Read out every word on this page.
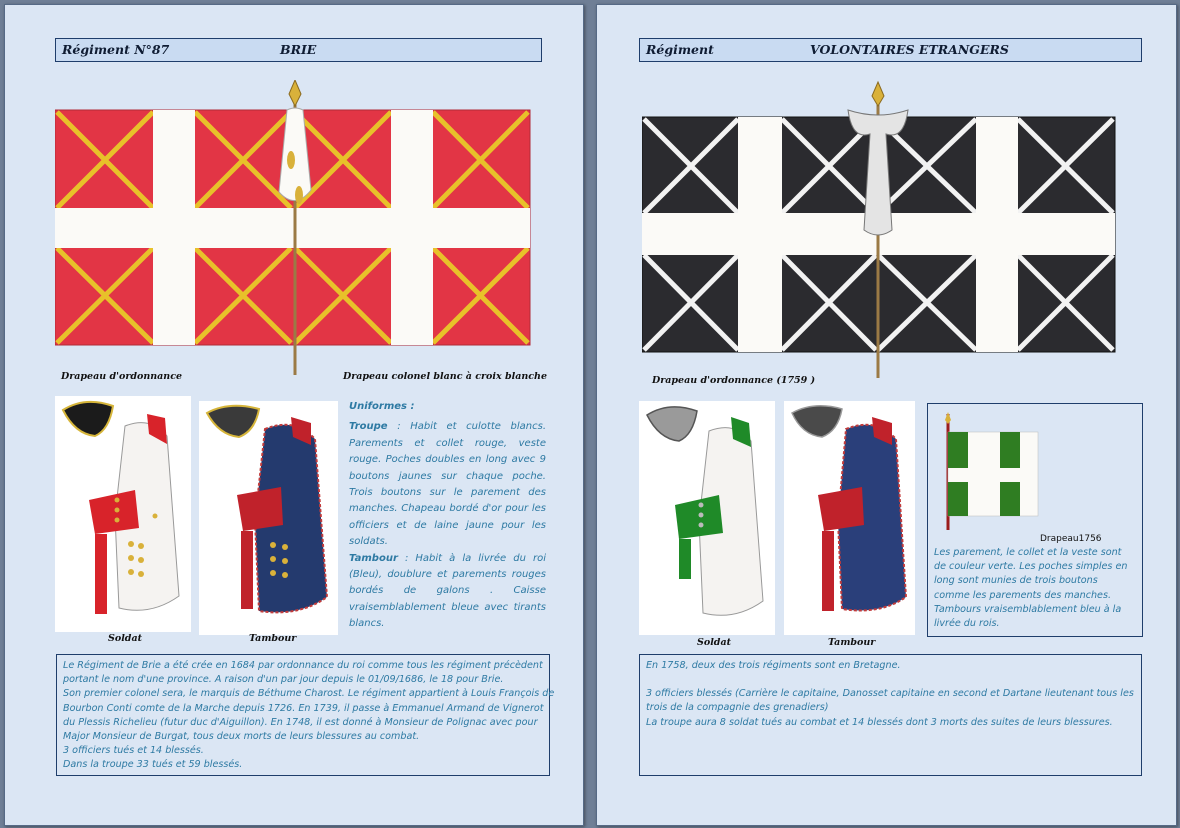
Régiment N°87	BRIE
Drapeau d'ordonnance	Drapeau colonel blanc à croix blanche
Soldat	Tambour
Uniformes :
Troupe : Habit et culotte blancs. Parements et collet rouge, veste rouge. Poches doubles en long avec 9 boutons jaunes sur chaque poche. Trois boutons sur le parement des manches. Chapeau bordé d'or pour les officiers et de laine jaune pour les soldats.
Tambour : Habit à la livrée du roi (Bleu), doublure et parements rouges bordés de galons . Caisse vraisemblablement bleue avec tirants blancs.
Le Régiment de Brie a été crée en 1684 par ordonnance du roi comme tous les régiment précèdent
portant le nom d'une province. A raison d'un par jour depuis le 01/09/1686, le 18 pour Brie.
Son premier colonel sera, le marquis de Béthume Charost. Le régiment appartient à Louis François de
Bourbon Conti comte de la Marche depuis 1726. En 1739, il passe à Emmanuel Armand de Vignerot
du Plessis Richelieu (futur duc d'Aiguillon). En 1748, il est donné à Monsieur de Polignac avec pour
Major Monsieur de Burgat, tous deux morts de leurs blessures au combat.
3 officiers tués et 14 blessés.
Dans la troupe 33 tués et 59 blessés.
Régiment	VOLONTAIRES ETRANGERS
Drapeau d'ordonnance (1759 )
Soldat	Tambour
Drapeau1756
Les parement, le collet et la veste sont de couleur verte. Les poches simples en long sont munies de trois boutons comme les parements des manches. Tambours vraisemblablement bleu à la livrée du rois.
En 1758, deux des trois régiments sont en Bretagne.
3 officiers blessés (Carrière le capitaine, Danosset capitaine en second et Dartane lieutenant tous les
trois de la compagnie des grenadiers)
La troupe aura 8 soldat tués au combat et 14 blessés dont 3 morts des suites de leurs blessures.
